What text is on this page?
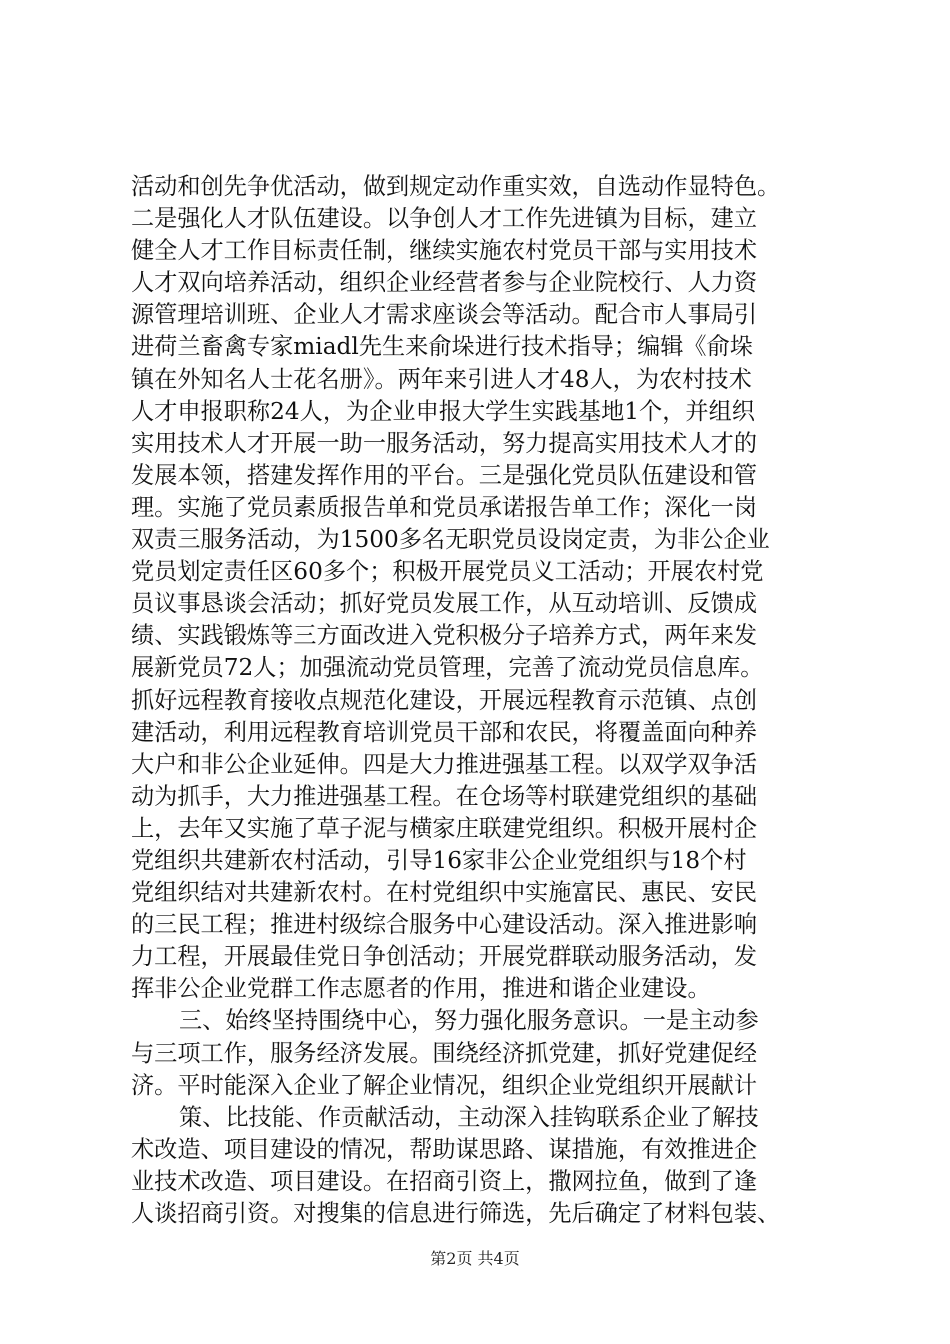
活动和创先争优活动，做到规定动作重实效，自选动作显特色。
二是强化人才队伍建设。以争创人才工作先进镇为目标，建立
健全人才工作目标责任制，继续实施农村党员干部与实用技术
人才双向培养活动，组织企业经营者参与企业院校行、人力资
源管理培训班、企业人才需求座谈会等活动。配合市人事局引
进荷兰畜禽专家miadl先生来俞垛进行技术指导；编辑《俞垛
镇在外知名人士花名册》。两年来引进人才48人，为农村技术
人才申报职称24人，为企业申报大学生实践基地1个，并组织
实用技术人才开展一助一服务活动，努力提高实用技术人才的
发展本领，搭建发挥作用的平台。三是强化党员队伍建设和管
理。实施了党员素质报告单和党员承诺报告单工作；深化一岗
双责三服务活动，为1500多名无职党员设岗定责，为非公企业
党员划定责任区60多个；积极开展党员义工活动；开展农村党
员议事恳谈会活动；抓好党员发展工作，从互动培训、反馈成
绩、实践锻炼等三方面改进入党积极分子培养方式，两年来发
展新党员72人；加强流动党员管理，完善了流动党员信息库。
抓好远程教育接收点规范化建设，开展远程教育示范镇、点创
建活动，利用远程教育培训党员干部和农民，将覆盖面向种养
大户和非公企业延伸。四是大力推进强基工程。以双学双争活
动为抓手，大力推进强基工程。在仓场等村联建党组织的基础
上，去年又实施了草子泥与横家庄联建党组织。积极开展村企
党组织共建新农村活动，引导16家非公企业党组织与18个村
党组织结对共建新农村。在村党组织中实施富民、惠民、安民
的三民工程；推进村级综合服务中心建设活动。深入推进影响
力工程，开展最佳党日争创活动；开展党群联动服务活动，发
挥非公企业党群工作志愿者的作用，推进和谐企业建设。
三、始终坚持围绕中心，努力强化服务意识。一是主动参
与三项工作，服务经济发展。围绕经济抓党建，抓好党建促经
济。平时能深入企业了解企业情况，组织企业党组织开展献计
策、比技能、作贡献活动，主动深入挂钩联系企业了解技
术改造、项目建设的情况，帮助谋思路、谋措施，有效推进企
业技术改造、项目建设。在招商引资上，撒网拉鱼，做到了逢
人谈招商引资。对搜集的信息进行筛选，先后确定了材料包装、
第2页 共4页
